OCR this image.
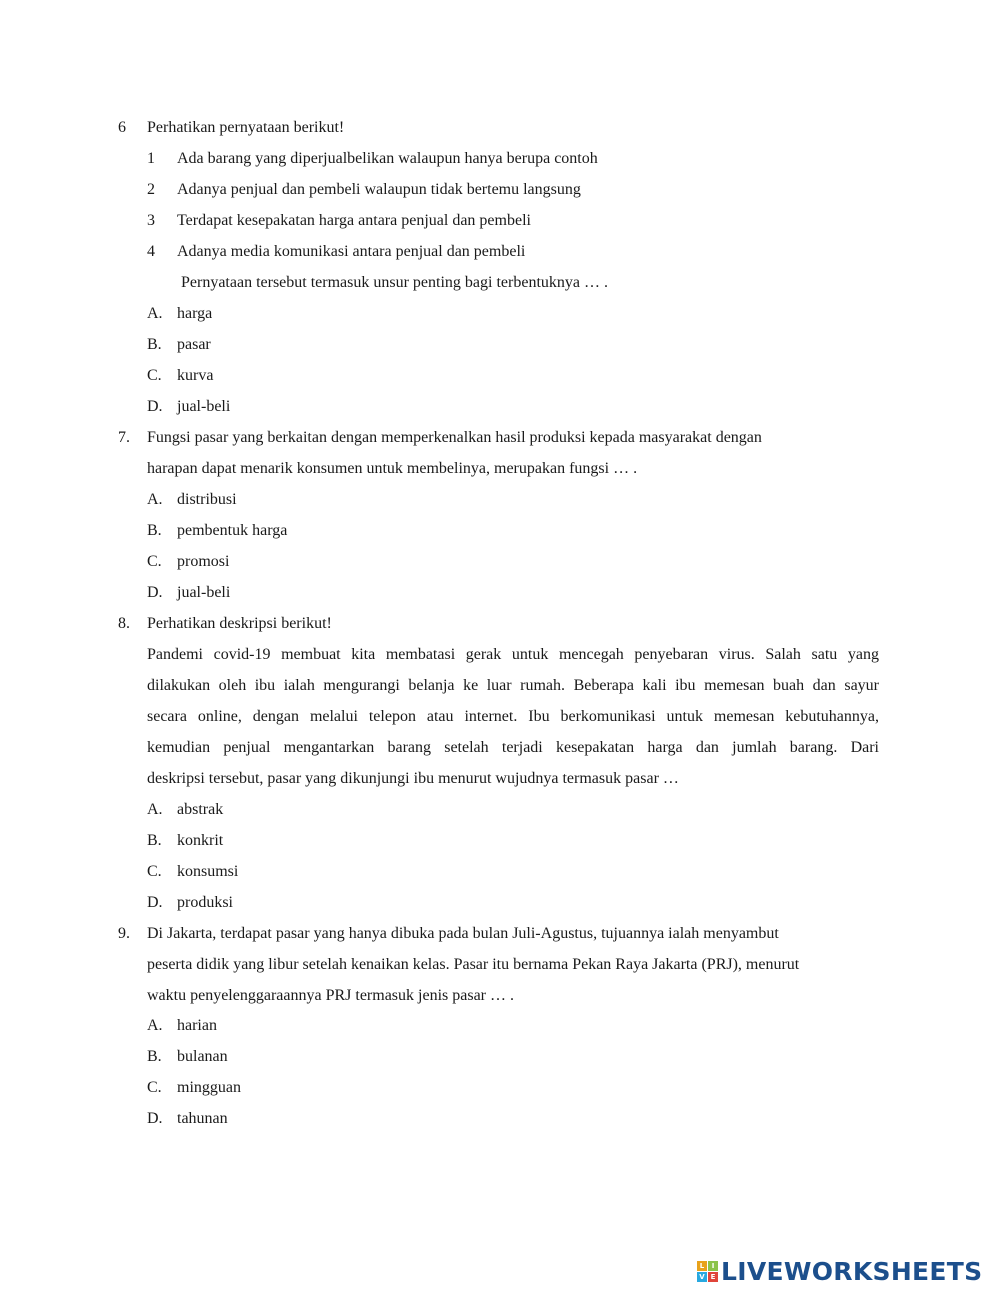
6 Perhatikan pernyataan berikut!
1 Ada barang yang diperjualbelikan walaupun hanya berupa contoh
2 Adanya penjual dan pembeli walaupun tidak bertemu langsung
3 Terdapat kesepakatan harga antara penjual dan pembeli
4 Adanya media komunikasi antara penjual dan pembeli
Pernyataan tersebut termasuk unsur penting bagi terbentuknya … .
A. harga
B. pasar
C. kurva
D. jual-beli
7. Fungsi pasar yang berkaitan dengan memperkenalkan hasil produksi kepada masyarakat dengan
harapan dapat menarik konsumen untuk membelinya, merupakan fungsi … .
A. distribusi
B. pembentuk harga
C. promosi
D. jual-beli
8. Perhatikan deskripsi berikut!
Pandemi covid-19 membuat kita membatasi gerak untuk mencegah penyebaran virus. Salah satu yang
dilakukan oleh ibu ialah mengurangi belanja ke luar rumah. Beberapa kali ibu memesan buah dan sayur
secara online, dengan melalui telepon atau internet. Ibu berkomunikasi untuk memesan kebutuhannya,
kemudian penjual mengantarkan barang setelah terjadi kesepakatan harga dan jumlah barang. Dari
deskripsi tersebut, pasar yang dikunjungi ibu menurut wujudnya termasuk pasar …
A. abstrak
B. konkrit
C. konsumsi
D. produksi
9. Di Jakarta, terdapat pasar yang hanya dibuka pada bulan Juli-Agustus, tujuannya ialah menyambut
peserta didik yang libur setelah kenaikan kelas. Pasar itu bernama Pekan Raya Jakarta (PRJ), menurut
waktu penyelenggaraannya PRJ termasuk jenis pasar … .
A. harian
B. bulanan
C. mingguan
D. tahunan
L	I
V E LIVEWORKSHEETS
